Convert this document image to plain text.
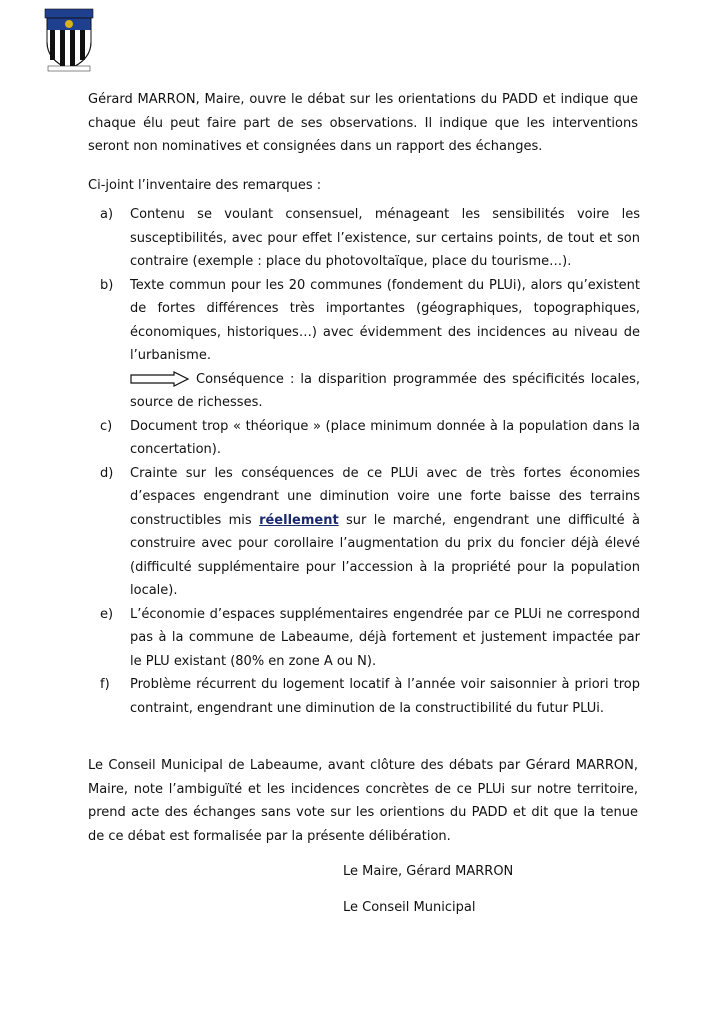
Gérard MARRON, Maire, ouvre le débat sur les orientations du PADD et indique que chaque élu peut faire part de ses observations. Il indique que les interventions seront non nominatives et consignées dans un rapport des échanges.
Ci-joint l’inventaire des remarques :
a) Contenu se voulant consensuel, ménageant les sensibilités voire les susceptibilités, avec pour effet l’existence, sur certains points, de tout et son contraire (exemple : place du photovoltaïque, place du tourisme…).
b) Texte commun pour les 20 communes (fondement du PLUi), alors qu’existent de fortes différences très importantes (géographiques, topographiques, économiques, historiques…) avec évidemment des incidences au niveau de l’urbanisme.
Conséquence : la disparition programmée des spécificités locales, source de richesses.
c) Document trop « théorique » (place minimum donnée à la population dans la concertation).
d) Crainte sur les conséquences de ce PLUi avec de très fortes économies d’espaces engendrant une diminution voire une forte baisse des terrains constructibles mis réellement sur le marché, engendrant une difficulté à construire avec pour corollaire l’augmentation du prix du foncier déjà élevé (difficulté supplémentaire pour l’accession à la propriété pour la population locale).
e) L’économie d’espaces supplémentaires engendrée par ce PLUi ne correspond pas à la commune de Labeaume, déjà fortement et justement impactée par le PLU existant (80% en zone A ou N).
f) Problème récurrent du logement locatif à l’année voir saisonnier à priori trop contraint, engendrant une diminution de la constructibilité du futur PLUi.
Le Conseil Municipal de Labeaume, avant clôture des débats par Gérard MARRON, Maire, note l’ambiguïté et les incidences concrètes de ce PLUi sur notre territoire, prend acte des échanges sans vote sur les orientions du PADD et dit que la tenue de ce débat est formalisée par la présente délibération.
Le Maire, Gérard MARRON
Le Conseil Municipal
